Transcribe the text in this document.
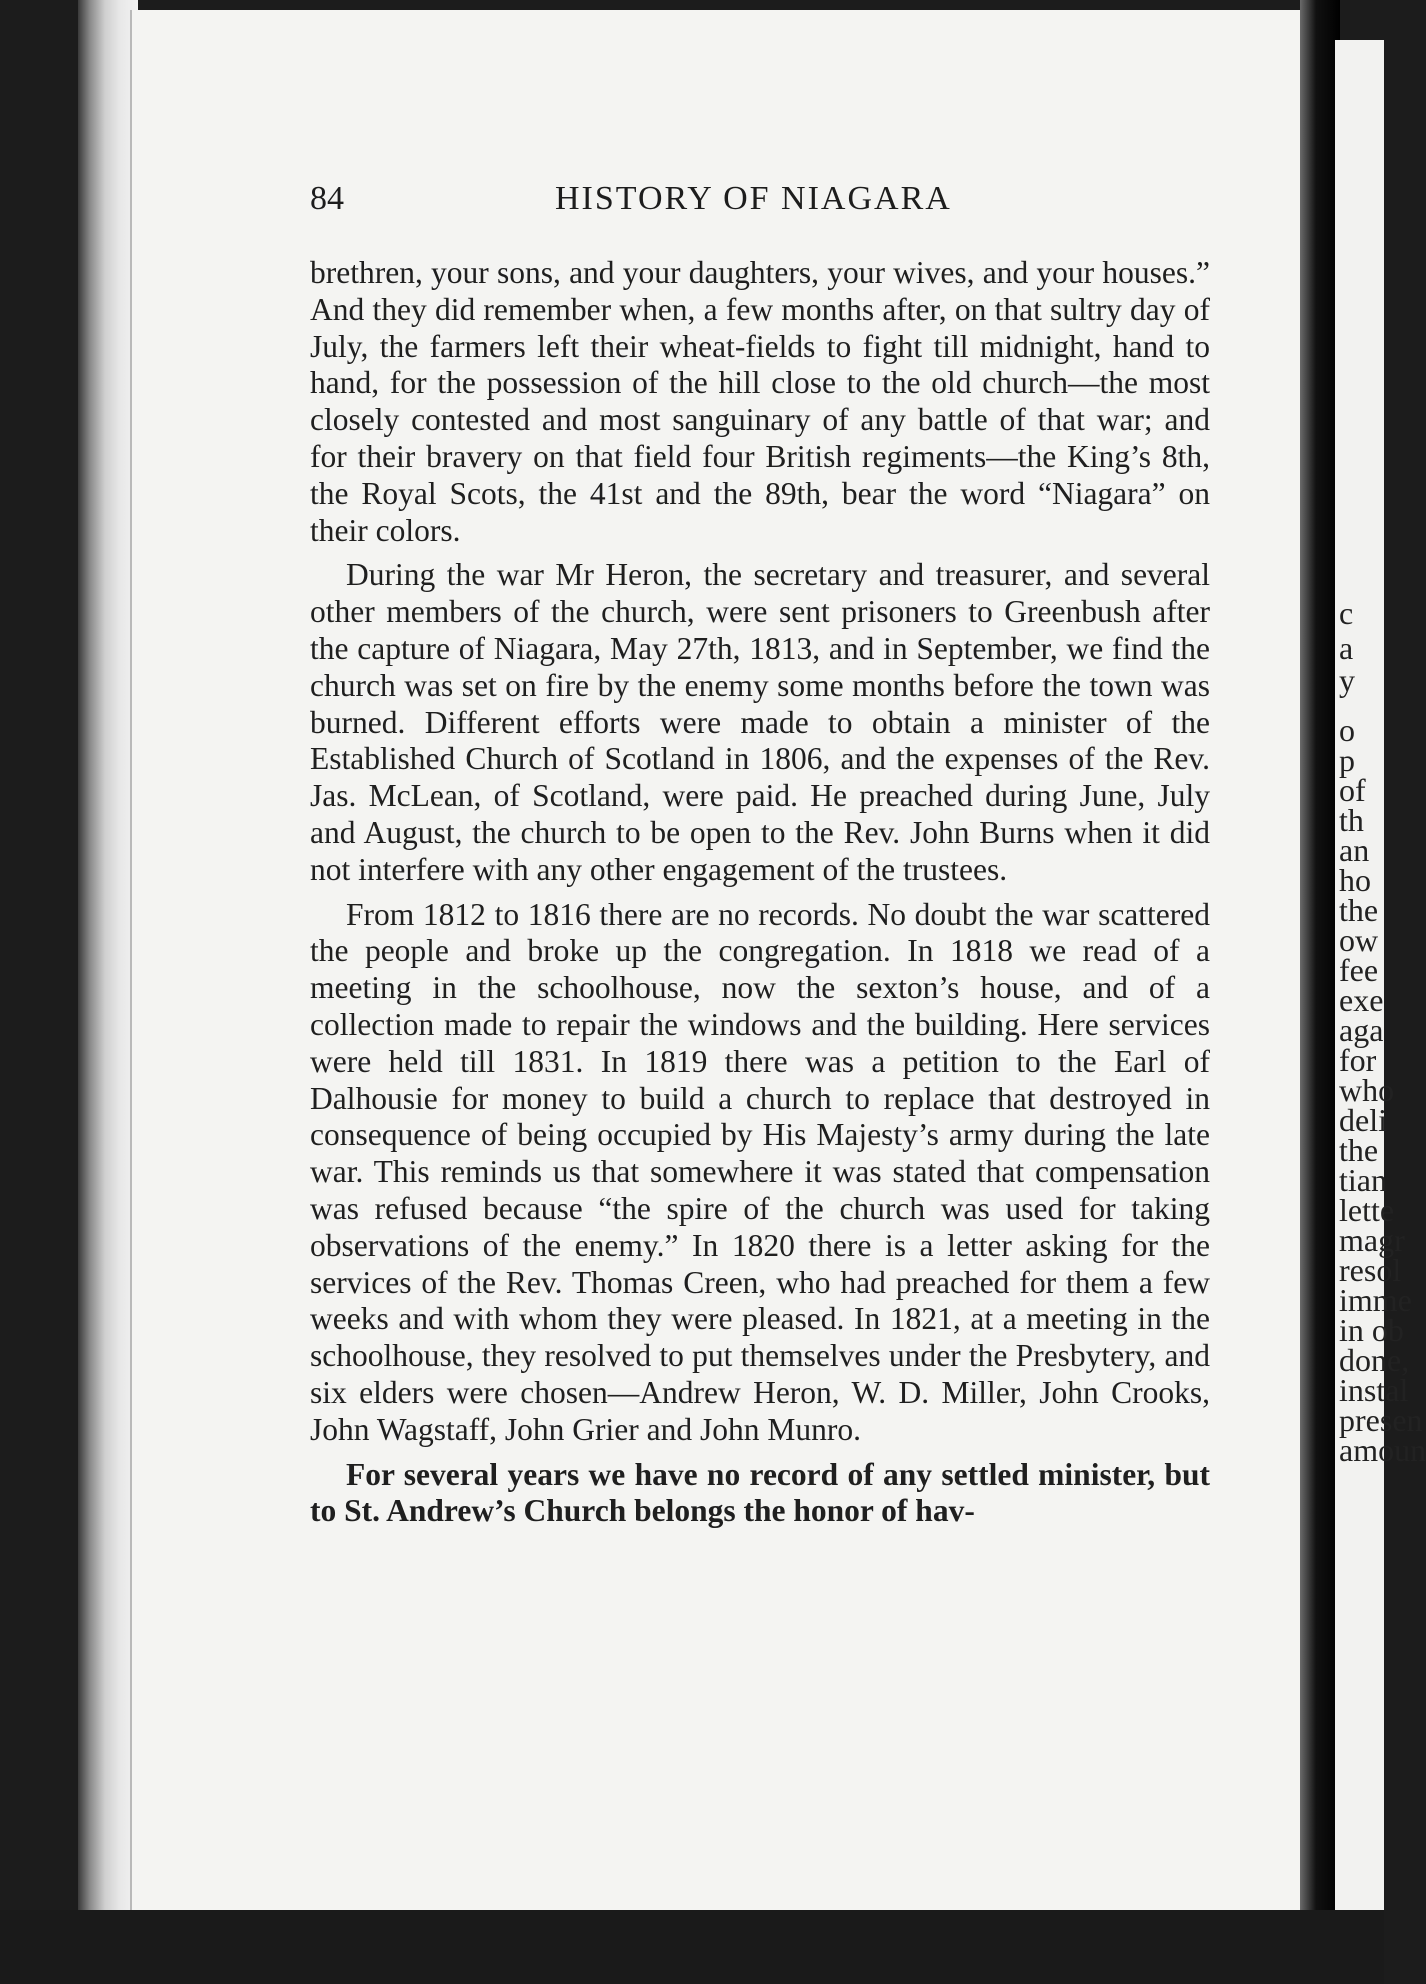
84	HISTORY OF NIAGARA

brethren, your sons, and your daughters, your wives, and your houses.” And they did remember when, a few months after, on that sultry day of July, the farmers left their wheat-fields to fight till midnight, hand to hand, for the possession of the hill close to the old church—the most closely contested and most sanguinary of any battle of that war; and for their bravery on that field four British regiments—the King’s 8th, the Royal Scots, the 41st and the 89th, bear the word “Niagara” on their colors.

During the war Mr Heron, the secretary and treasurer, and several other members of the church, were sent prisoners to Greenbush after the capture of Niagara, May 27th, 1813, and in September, we find the church was set on fire by the enemy some months before the town was burned. Different efforts were made to obtain a minister of the Established Church of Scotland in 1806, and the expenses of the Rev. Jas. McLean, of Scotland, were paid. He preached during June, July and August, the church to be open to the Rev. John Burns when it did not interfere with any other engagement of the trustees.

From 1812 to 1816 there are no records. No doubt the war scattered the people and broke up the congregation. In 1818 we read of a meeting in the schoolhouse, now the sexton’s house, and of a collection made to repair the windows and the building. Here services were held till 1831. In 1819 there was a petition to the Earl of Dalhousie for money to build a church to replace that destroyed in consequence of being occupied by His Majesty’s army during the late war. This reminds us that somewhere it was stated that compensation was refused because “the spire of the church was used for taking observations of the enemy.” In 1820 there is a letter asking for the services of the Rev. Thomas Creen, who had preached for them a few weeks and with whom they were pleased. In 1821, at a meeting in the schoolhouse, they resolved to put themselves under the Presbytery, and six elders were chosen—Andrew Heron, W. D. Miller, John Crooks, John Wagstaff, John Grier and John Munro.

For several years we have no record of any settled minister, but to St. Andrew’s Church belongs the honor of hav-

c
a
y
o
p
of
th
an
ho
the
ow
fee
exe
aga
for
who
deli
the
tian
lette
magr
resol
imme
in ob
done,
instal
presen
amoun
